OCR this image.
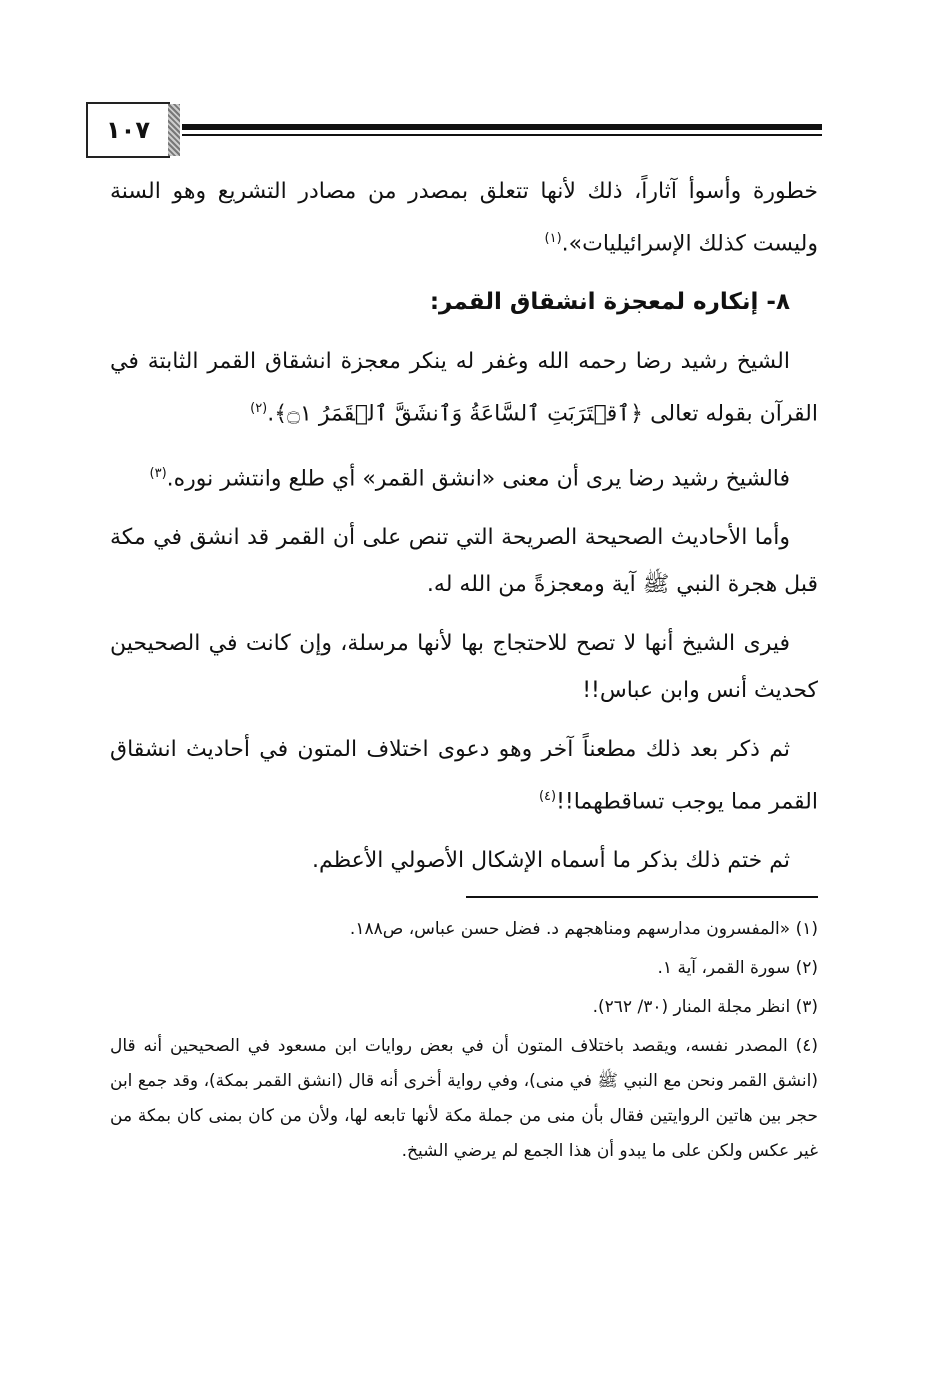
١٠٧

خطورة وأسوأ آثاراً، ذلك لأنها تتعلق بمصدر من مصادر التشريع وهو السنة وليست كذلك الإسرائيليات».$^{(١)}$

٨- إنكاره لمعجزة انشقاق القمر:

الشيخ رشيد رضا رحمه الله وغفر له ينكر معجزة انشقاق القمر الثابتة في القرآن بقوله تعالى ﴿ٱقۡتَرَبَتِ ٱلسَّاعَةُ وَٱنشَقَّ ٱلۡقَمَرُ ۝١﴾.$^{(٢)}$

فالشيخ رشيد رضا يرى أن معنى «انشق القمر» أي طلع وانتشر نوره.$^{(٣)}$

وأما الأحاديث الصحيحة الصريحة التي تنص على أن القمر قد انشق في مكة قبل هجرة النبي ﷺ آية ومعجزةً من الله له.

فيرى الشيخ أنها لا تصح للاحتجاج بها لأنها مرسلة، وإن كانت في الصحيحين كحديث أنس وابن عباس!!

ثم ذكر بعد ذلك مطعناً آخر وهو دعوى اختلاف المتون في أحاديث انشقاق القمر مما يوجب تساقطهما!!$^{(٤)}$

ثم ختم ذلك بذكر ما أسماه الإشكال الأصولي الأعظم.

(١) «المفسرون مدارسهم ومناهجهم د. فضل حسن عباس، ص١٨٨.

(٢) سورة القمر، آية ١.

(٣) انظر مجلة المنار (٣٠/ ٢٦٢).

(٤) المصدر نفسه، ويقصد باختلاف المتون أن في بعض روايات ابن مسعود في الصحيحين أنه قال (انشق القمر ونحن مع النبي ﷺ في منى)، وفي رواية أخرى أنه قال (انشق القمر بمكة)، وقد جمع ابن حجر بين هاتين الروايتين فقال بأن منى من جملة مكة لأنها تابعه لها، ولأن من كان بمنى كان بمكة من غير عكس ولكن على ما يبدو أن هذا الجمع لم يرضي الشيخ.
